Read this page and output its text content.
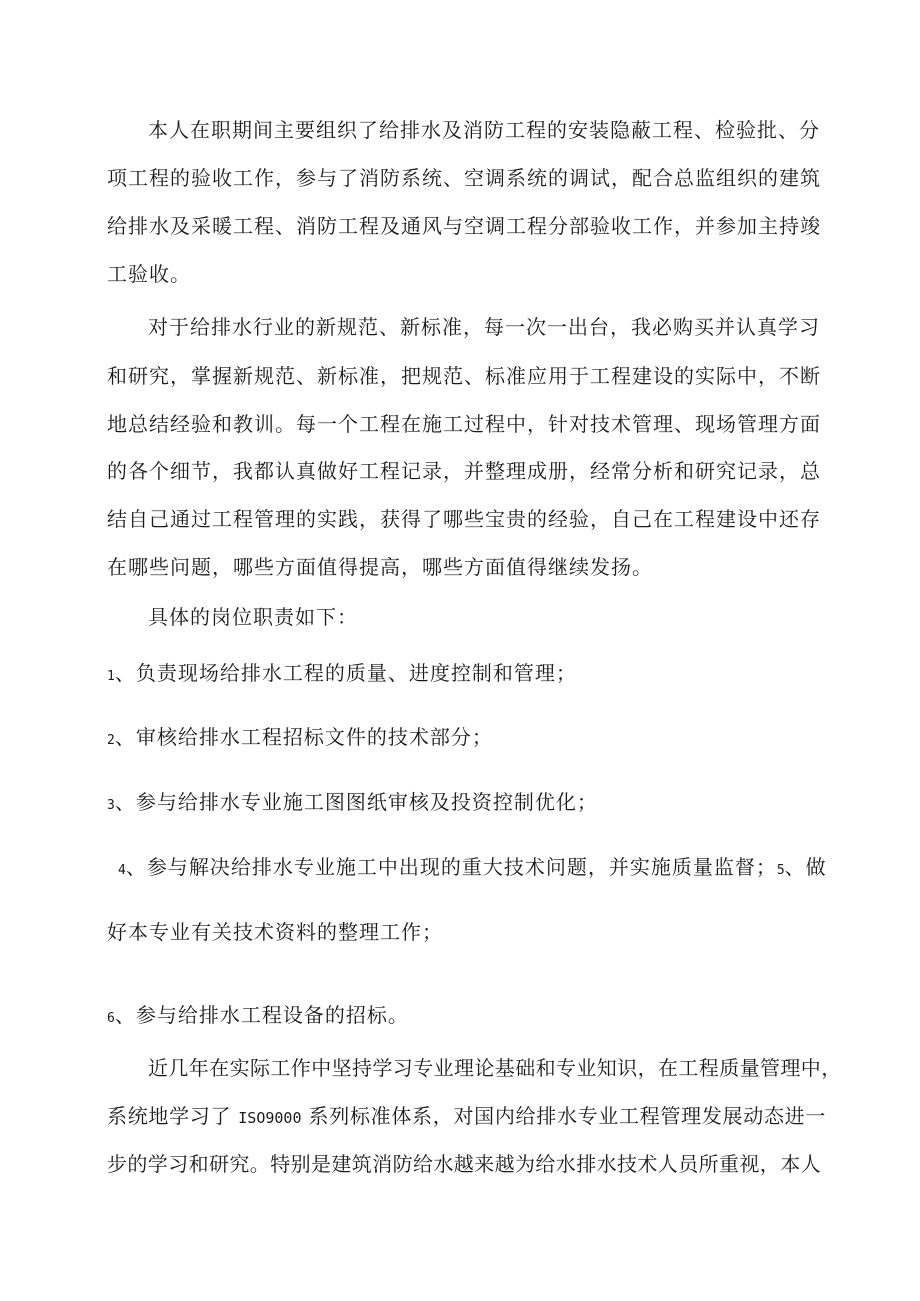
本人在职期间主要组织了给排水及消防工程的安装隐蔽工程、检验批、分
项工程的验收工作，参与了消防系统、空调系统的调试，配合总监组织的建筑
给排水及采暖工程、消防工程及通风与空调工程分部验收工作，并参加主持竣
工验收。
对于给排水行业的新规范、新标准，每一次一出台，我必购买并认真学习
和研究，掌握新规范、新标准，把规范、标准应用于工程建设的实际中，不断
地总结经验和教训。每一个工程在施工过程中，针对技术管理、现场管理方面
的各个细节，我都认真做好工程记录，并整理成册，经常分析和研究记录，总
结自己通过工程管理的实践，获得了哪些宝贵的经验，自己在工程建设中还存
在哪些问题，哪些方面值得提高，哪些方面值得继续发扬。
具体的岗位职责如下：
1、负责现场给排水工程的质量、进度控制和管理；
2、审核给排水工程招标文件的技术部分；
3、参与给排水专业施工图图纸审核及投资控制优化；
4、参与解决给排水专业施工中出现的重大技术问题，并实施质量监督；5、做
好本专业有关技术资料的整理工作；
6、参与给排水工程设备的招标。
近几年在实际工作中坚持学习专业理论基础和专业知识，在工程质量管理中，
系统地学习了 ISO9000 系列标准体系，对国内给排水专业工程管理发展动态进一
步的学习和研究。特别是建筑消防给水越来越为给水排水技术人员所重视，本人
